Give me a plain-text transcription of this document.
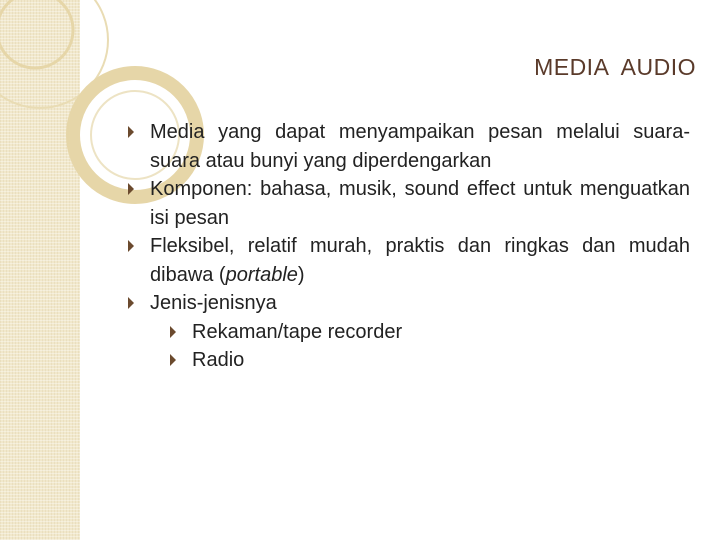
MEDIA  AUDIO
Media yang dapat menyampaikan pesan melalui suara-suara atau bunyi yang diperdengarkan
Komponen: bahasa, musik, sound effect untuk menguatkan isi pesan
Fleksibel, relatif murah, praktis dan ringkas dan mudah dibawa (portable)
Jenis-jenisnya
Rekaman/tape recorder
Radio
